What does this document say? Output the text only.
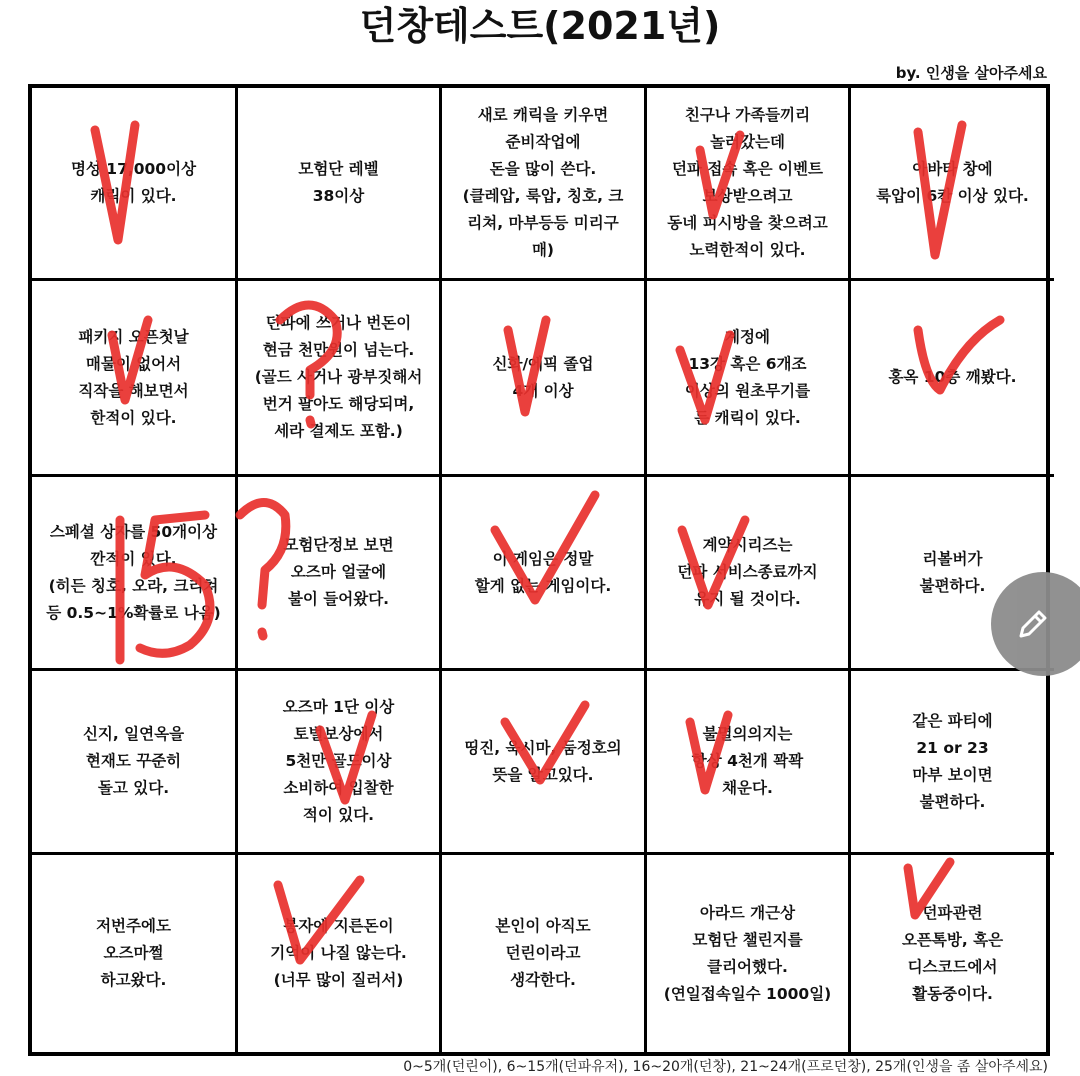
던창테스트(2021년)
by. 인생을 살아주세요
명성 17,000이상
캐릭이 있다.
모험단 레벨
38이상
새로 캐릭을 키우면
준비작업에
돈을 많이 쓴다.
(클레압, 룩압, 칭호, 크
리쳐, 마부등등 미리구
매)
친구나 가족들끼리
놀러갔는데
던파 접속 혹은 이벤트
보상받으려고
동네 피시방을 찾으려고
노력한적이 있다.
아바타 창에
룩압이 6칸 이상 있다.
패키지 오픈첫날
매물이 없어서
직작을 해보면서
한적이 있다.
던파에 쓰거나 번돈이
현금 천만원이 넘는다.
(골드 사거나 광부짓해서
번거 팔아도 해당되며,
세라 결제도 포함.)
신화/에픽 졸업
4개 이상
계정에
13강 혹은 6개조
이상의 원초무기를
든 캐릭이 있다.
홍옥 10층 깨봤다.
스페셜 상자를 50개이상
깐적이 있다.
(히든 칭호, 오라, 크리쳐
등 0.5~1%확률로 나옴)
모험단정보 보면
오즈마 얼굴에
불이 들어왔다.
이 게임은 정말
할게 없는 게임이다.
계약시리즈는
던파 서비스종료까지
유지 될 것이다.
리볼버가
불편하다.
신지, 일연옥을
현재도 꾸준히
돌고 있다.
오즈마 1단 이상
토벌보상에서
5천만 골드이상
소비하여 입찰한
적이 있다.
띵진, 욱시마, 둠정호의
뜻을 알고있다.
불멸의의지는
항상 4천개 꽉꽉
채운다.
같은 파티에
21 or 23
마부 보이면
불편하다.
저번주에도
오즈마쩔
하고왔다.
봉자에 지른돈이
기억이 나질 않는다.
(너무 많이 질러서)
본인이 아직도
던린이라고
생각한다.
아라드 개근상
모험단 챌린지를
클리어했다.
(연일접속일수 1000일)
던파관련
오픈톡방, 혹은
디스코드에서
활동중이다.
0~5개(던린이), 6~15개(던파유저), 16~20개(던창), 21~24개(프로던창), 25개(인생을 좀 살아주세요)
